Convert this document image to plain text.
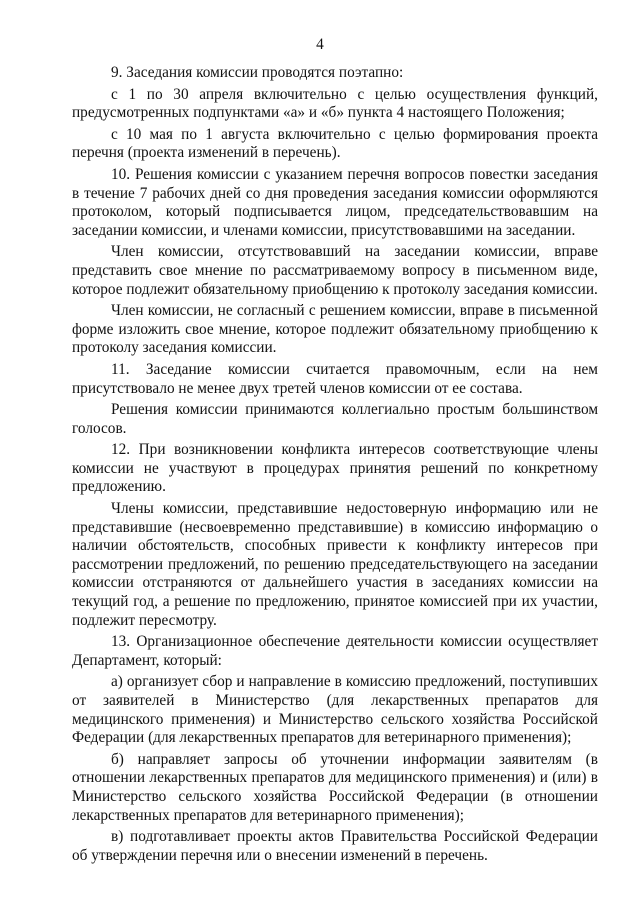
4

9. Заседания комиссии проводятся поэтапно:

с 1 по 30 апреля включительно с целью осуществления функций, предусмотренных подпунктами «а» и «б» пункта 4 настоящего Положения;

с 10 мая по 1 августа включительно с целью формирования проекта перечня (проекта изменений в перечень).

10. Решения комиссии с указанием перечня вопросов повестки заседания в течение 7 рабочих дней со дня проведения заседания комиссии оформляются протоколом, который подписывается лицом, председательствовавшим на заседании комиссии, и членами комиссии, присутствовавшими на заседании.

Член комиссии, отсутствовавший на заседании комиссии, вправе представить свое мнение по рассматриваемому вопросу в письменном виде, которое подлежит обязательному приобщению к протоколу заседания комиссии.

Член комиссии, не согласный с решением комиссии, вправе в письменной форме изложить свое мнение, которое подлежит обязательному приобщению к протоколу заседания комиссии.

11. Заседание комиссии считается правомочным, если на нем присутствовало не менее двух третей членов комиссии от ее состава.

Решения комиссии принимаются коллегиально простым большинством голосов.

12. При возникновении конфликта интересов соответствующие члены комиссии не участвуют в процедурах принятия решений по конкретному предложению.

Члены комиссии, представившие недостоверную информацию или не представившие (несвоевременно представившие) в комиссию информацию о наличии обстоятельств, способных привести к конфликту интересов при рассмотрении предложений, по решению председательствующего на заседании комиссии отстраняются от дальнейшего участия в заседаниях комиссии на текущий год, а решение по предложению, принятое комиссией при их участии, подлежит пересмотру.

13. Организационное обеспечение деятельности комиссии осуществляет Департамент, который:

а) организует сбор и направление в комиссию предложений, поступивших от заявителей в Министерство (для лекарственных препаратов для медицинского применения) и Министерство сельского хозяйства Российской Федерации (для лекарственных препаратов для ветеринарного применения);

б) направляет запросы об уточнении информации заявителям (в отношении лекарственных препаратов для медицинского применения) и (или) в Министерство сельского хозяйства Российской Федерации (в отношении лекарственных препаратов для ветеринарного применения);

в) подготавливает проекты актов Правительства Российской Федерации об утверждении перечня или о внесении изменений в перечень.
